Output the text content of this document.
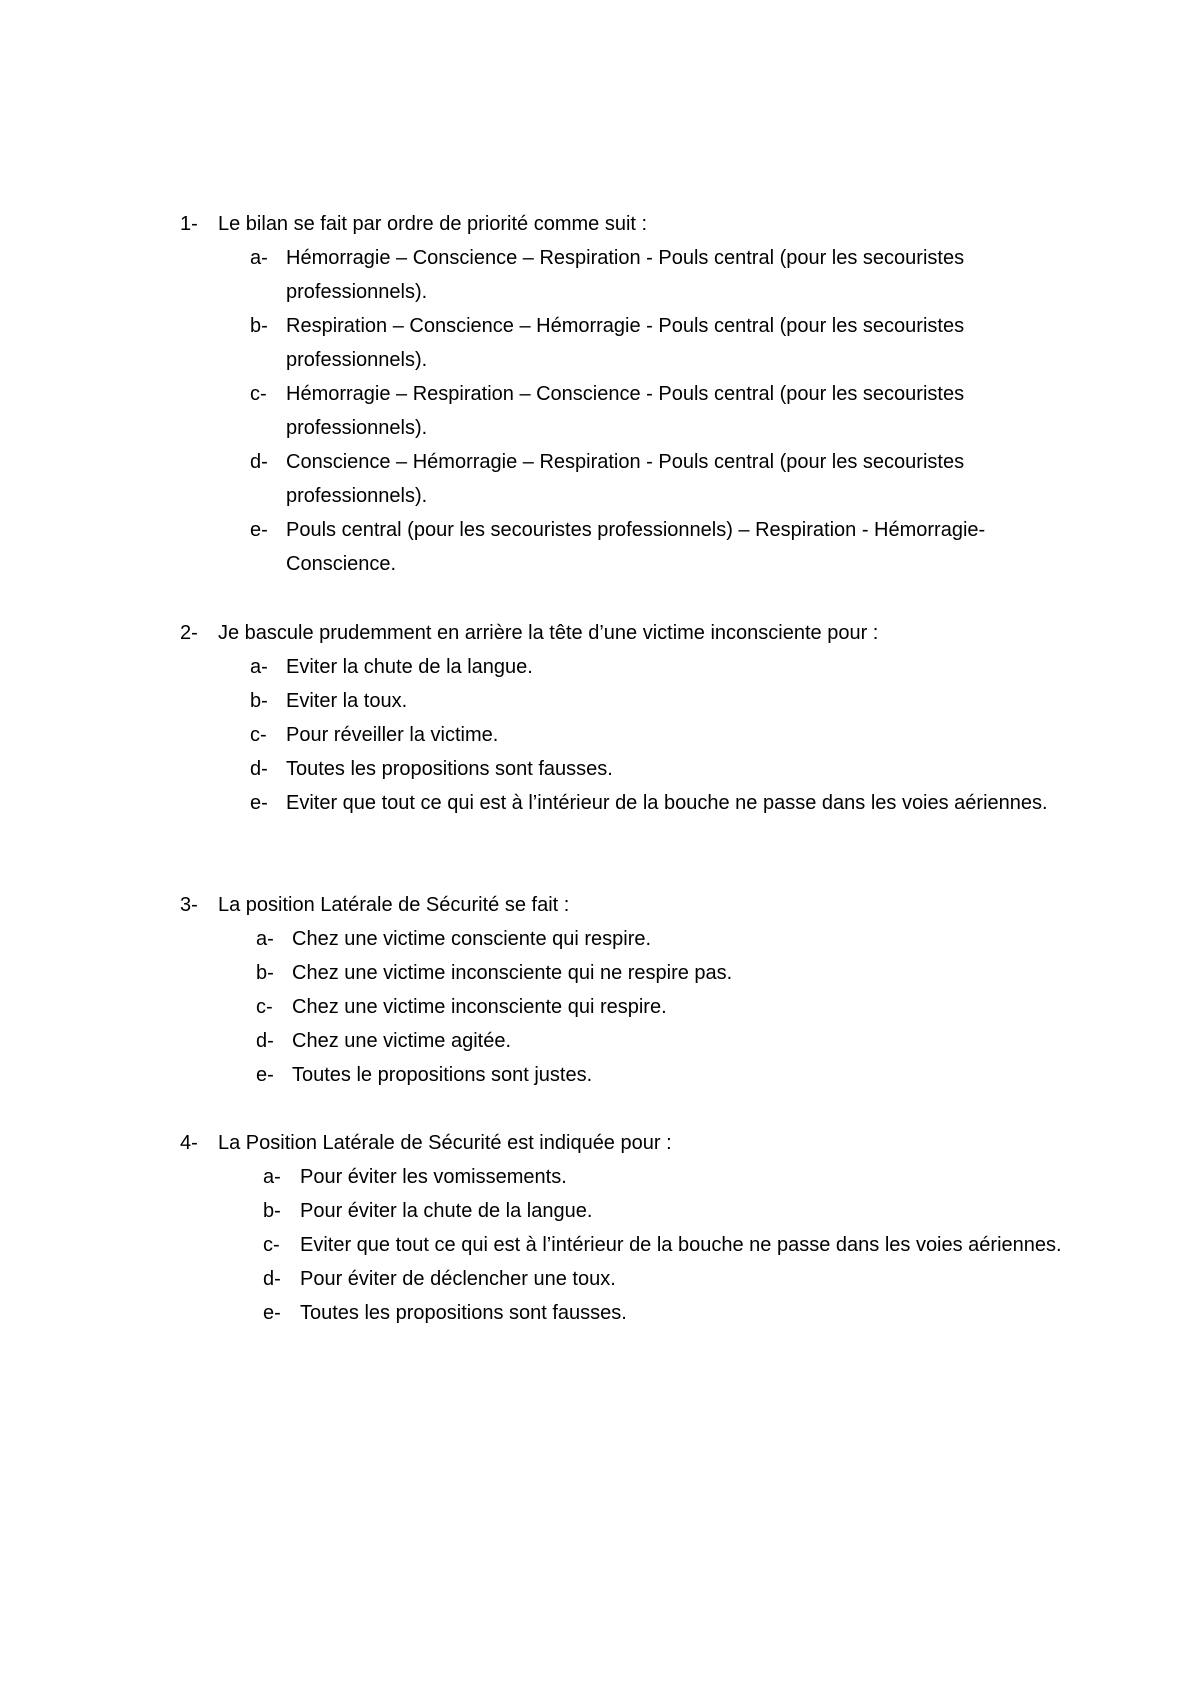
1-	Le bilan se fait par ordre de priorité comme suit :
a- Hémorragie – Conscience – Respiration - Pouls central (pour les secouristes professionnels).
b- Respiration – Conscience – Hémorragie - Pouls central (pour les secouristes professionnels).
c- Hémorragie – Respiration – Conscience - Pouls central (pour les secouristes professionnels).
d- Conscience – Hémorragie – Respiration - Pouls central (pour les secouristes professionnels).
e- Pouls central (pour les secouristes professionnels) – Respiration - Hémorragie- Conscience.
2-	Je bascule prudemment en arrière la tête d’une victime inconsciente pour :
a- Eviter la chute de la langue.
b- Eviter la toux.
c- Pour réveiller la victime.
d- Toutes les propositions sont fausses.
e- Eviter que tout ce qui est à l’intérieur de la bouche ne passe dans les voies aériennes.
3-	La position Latérale de Sécurité se fait :
a- Chez une victime consciente qui respire.
b- Chez une victime inconsciente qui ne respire pas.
c- Chez une victime inconsciente qui respire.
d- Chez une victime agitée.
e- Toutes le propositions sont justes.
4-	La Position Latérale de Sécurité est indiquée pour :
a- Pour éviter les vomissements.
b- Pour éviter la chute de la langue.
c-	Eviter que tout ce qui est à l’intérieur de la bouche ne passe dans les voies aériennes.
d- Pour éviter de déclencher une toux.
e- Toutes les propositions sont fausses.
